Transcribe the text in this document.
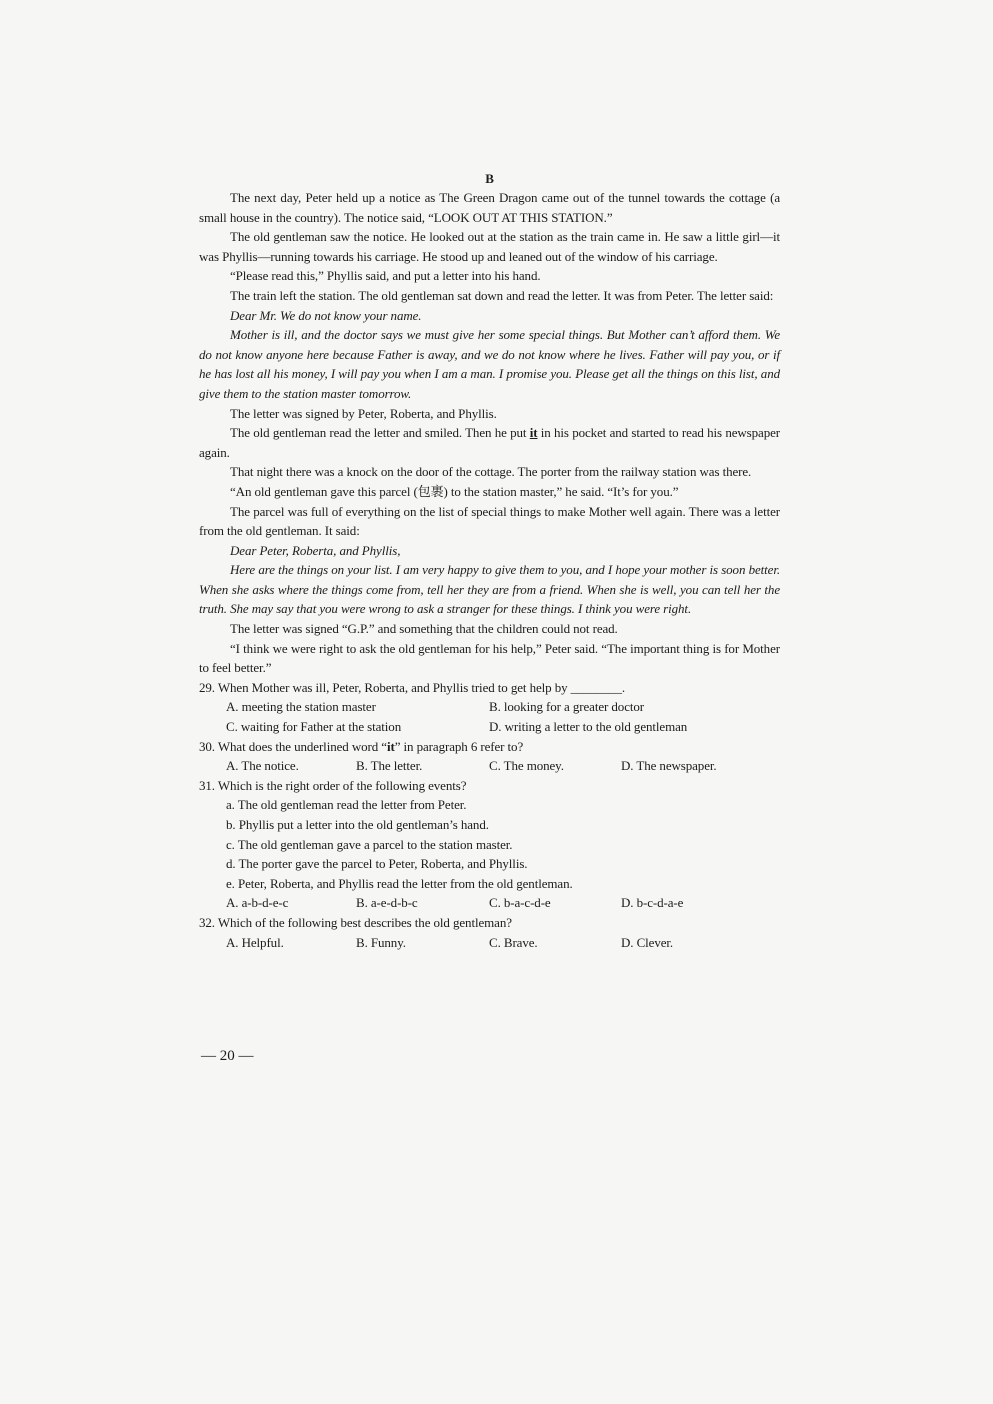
B

The next day, Peter held up a notice as The Green Dragon came out of the tunnel towards the cottage (a small house in the country). The notice said, “LOOK OUT AT THIS STATION.”

The old gentleman saw the notice. He looked out at the station as the train came in. He saw a little girl—it was Phyllis—running towards his carriage. He stood up and leaned out of the window of his carriage.

“Please read this,” Phyllis said, and put a letter into his hand.

The train left the station. The old gentleman sat down and read the letter. It was from Peter. The letter said:

Dear Mr. We do not know your name.

Mother is ill, and the doctor says we must give her some special things. But Mother can’t afford them. We do not know anyone here because Father is away, and we do not know where he lives. Father will pay you, or if he has lost all his money, I will pay you when I am a man. I promise you. Please get all the things on this list, and give them to the station master tomorrow.

The letter was signed by Peter, Roberta, and Phyllis.

The old gentleman read the letter and smiled. Then he put it in his pocket and started to read his newspaper again.

That night there was a knock on the door of the cottage. The porter from the railway station was there.

“An old gentleman gave this parcel (包裹) to the station master,” he said. “It’s for you.”

The parcel was full of everything on the list of special things to make Mother well again. There was a letter from the old gentleman. It said:

Dear Peter, Roberta, and Phyllis,

Here are the things on your list. I am very happy to give them to you, and I hope your mother is soon better. When she asks where the things come from, tell her they are from a friend. When she is well, you can tell her the truth. She may say that you were wrong to ask a stranger for these things. I think you were right.

The letter was signed “G.P.” and something that the children could not read.

“I think we were right to ask the old gentleman for his help,” Peter said. “The important thing is for Mother to feel better.”

29. When Mother was ill, Peter, Roberta, and Phyllis tried to get help by ________.
A. meeting the station master	B. looking for a greater doctor
C. waiting for Father at the station	D. writing a letter to the old gentleman
30. What does the underlined word “it” in paragraph 6 refer to?
A. The notice.	B. The letter.	C. The money.	D. The newspaper.
31. Which is the right order of the following events?
a. The old gentleman read the letter from Peter.
b. Phyllis put a letter into the old gentleman’s hand.
c. The old gentleman gave a parcel to the station master.
d. The porter gave the parcel to Peter, Roberta, and Phyllis.
e. Peter, Roberta, and Phyllis read the letter from the old gentleman.
A. a-b-d-e-c	B. a-e-d-b-c	C. b-a-c-d-e	D. b-c-d-a-e
32. Which of the following best describes the old gentleman?
A. Helpful.	B. Funny.	C. Brave.	D. Clever.
— 20 —
